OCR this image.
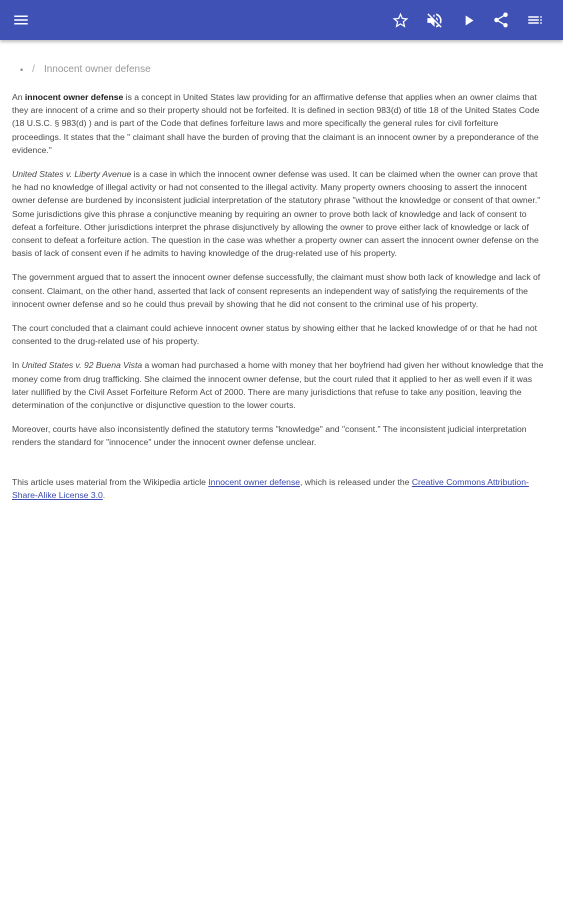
• / Innocent owner defense

An innocent owner defense is a concept in United States law providing for an affirmative defense that applies when an owner claims that they are innocent of a crime and so their property should not be forfeited. It is defined in section 983(d) of title 18 of the United States Code (18 U.S.C. § 983(d) ) and is part of the Code that defines forfeiture laws and more specifically the general rules for civil forfeiture proceedings. It states that the " claimant shall have the burden of proving that the claimant is an innocent owner by a preponderance of the evidence."

United States v. Liberty Avenue is a case in which the innocent owner defense was used. It can be claimed when the owner can prove that he had no knowledge of illegal activity or had not consented to the illegal activity. Many property owners choosing to assert the innocent owner defense are burdened by inconsistent judicial interpretation of the statutory phrase "without the knowledge or consent of that owner." Some jurisdictions give this phrase a conjunctive meaning by requiring an owner to prove both lack of knowledge and lack of consent to defeat a forfeiture. Other jurisdictions interpret the phrase disjunctively by allowing the owner to prove either lack of knowledge or lack of consent to defeat a forfeiture action. The question in the case was whether a property owner can assert the innocent owner defense on the basis of lack of consent even if he admits to having knowledge of the drug-related use of his property.

The government argued that to assert the innocent owner defense successfully, the claimant must show both lack of knowledge and lack of consent. Claimant, on the other hand, asserted that lack of consent represents an independent way of satisfying the requirements of the innocent owner defense and so he could thus prevail by showing that he did not consent to the criminal use of his property.

The court concluded that a claimant could achieve innocent owner status by showing either that he lacked knowledge of or that he had not consented to the drug-related use of his property.

In United States v. 92 Buena Vista a woman had purchased a home with money that her boyfriend had given her without knowledge that the money come from drug trafficking. She claimed the innocent owner defense, but the court ruled that it applied to her as well even if it was later nullified by the Civil Asset Forfeiture Reform Act of 2000. There are many jurisdictions that refuse to take any position, leaving the determination of the conjunctive or disjunctive question to the lower courts.

Moreover, courts have also inconsistently defined the statutory terms "knowledge" and "consent." The inconsistent judicial interpretation renders the standard for "innocence" under the innocent owner defense unclear.

This article uses material from the Wikipedia article Innocent owner defense, which is released under the Creative Commons Attribution-Share-Alike License 3.0.
